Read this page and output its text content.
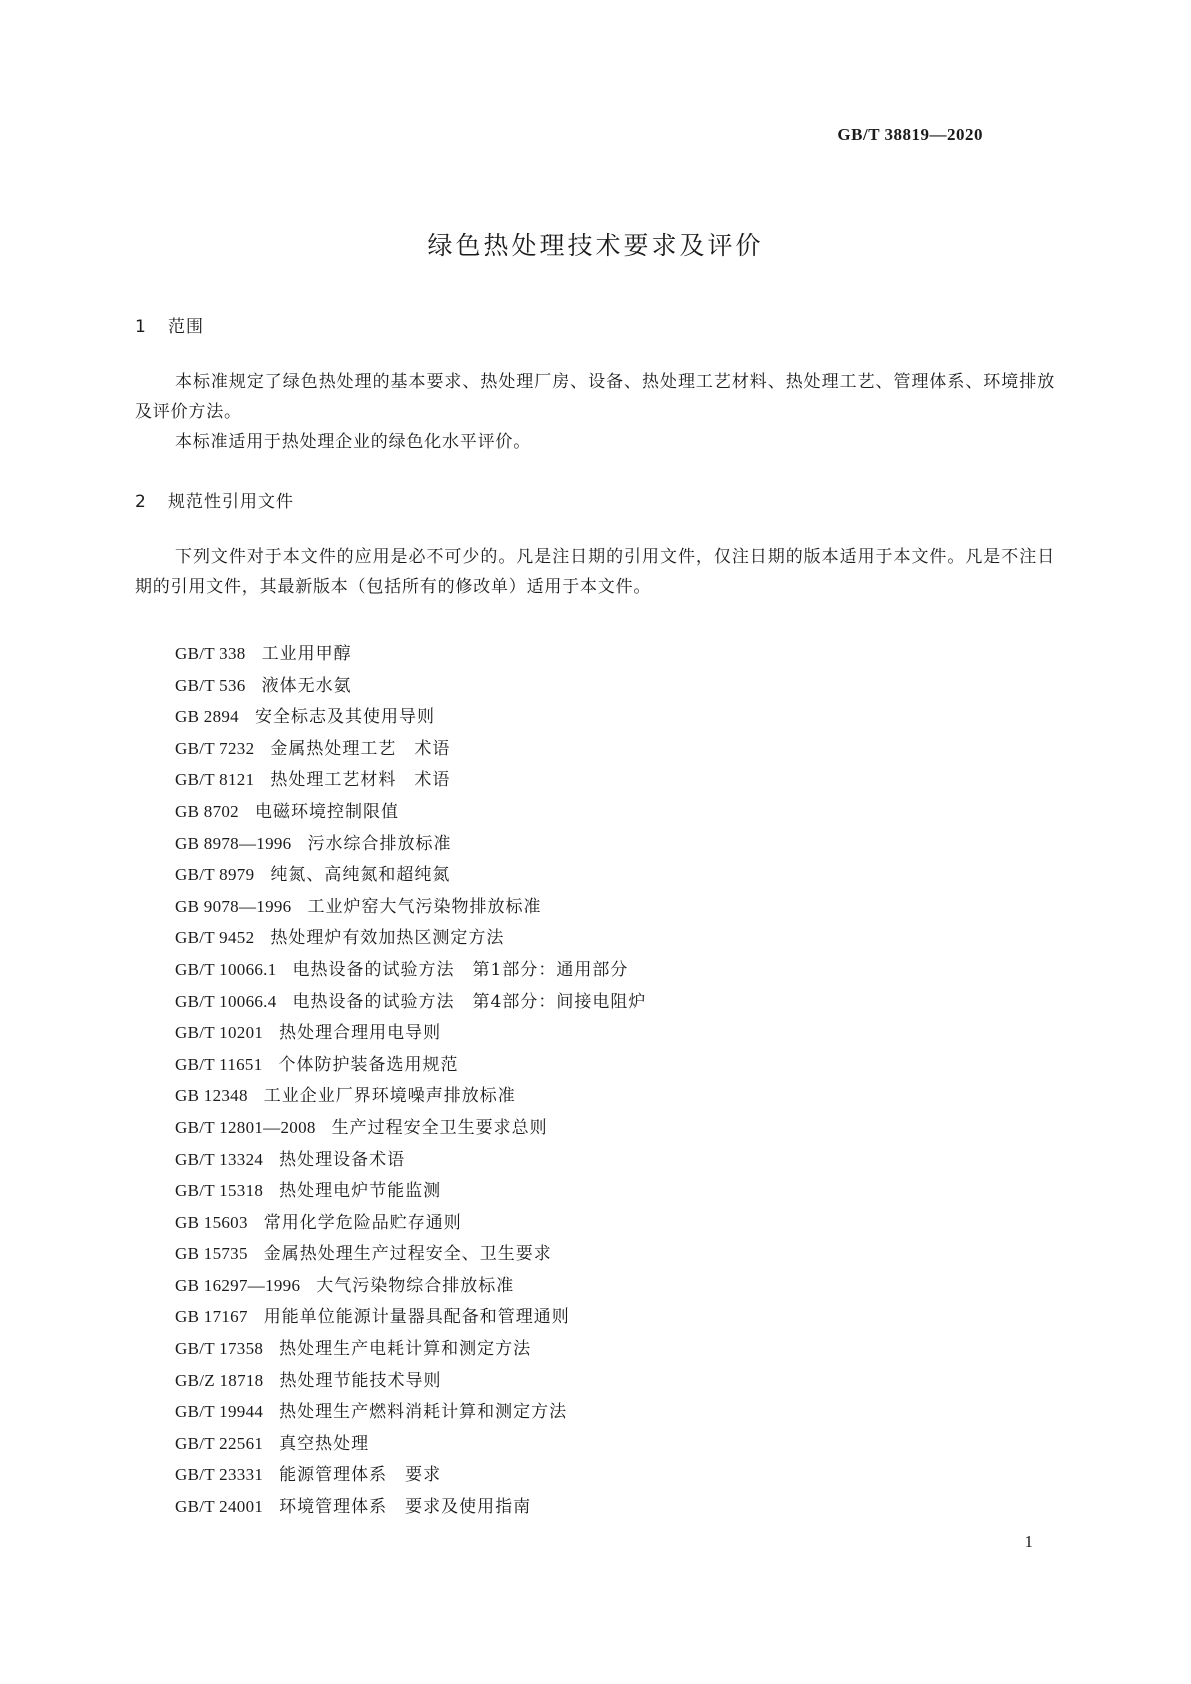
GB/T 38819—2020
绿色热处理技术要求及评价
1 范围

本标准规定了绿色热处理的基本要求、热处理厂房、设备、热处理工艺材料、热处理工艺、管理体系、环境排放及评价方法。

本标准适用于热处理企业的绿色化水平评价。

2 规范性引用文件

下列文件对于本文件的应用是必不可少的。凡是注日期的引用文件，仅注日期的版本适用于本文件。凡是不注日期的引用文件，其最新版本（包括所有的修改单）适用于本文件。

GB/T 338 工业用甲醇
GB/T 536 液体无水氨
GB 2894 安全标志及其使用导则
GB/T 7232 金属热处理工艺　术语
GB/T 8121 热处理工艺材料　术语
GB 8702 电磁环境控制限值
GB 8978—1996 污水综合排放标准
GB/T 8979 纯氮、高纯氮和超纯氮
GB 9078—1996 工业炉窑大气污染物排放标准
GB/T 9452 热处理炉有效加热区测定方法
GB/T 10066.1 电热设备的试验方法　第1部分：通用部分
GB/T 10066.4 电热设备的试验方法　第4部分：间接电阻炉
GB/T 10201 热处理合理用电导则
GB/T 11651 个体防护装备选用规范
GB 12348 工业企业厂界环境噪声排放标准
GB/T 12801—2008 生产过程安全卫生要求总则
GB/T 13324 热处理设备术语
GB/T 15318 热处理电炉节能监测
GB 15603 常用化学危险品贮存通则
GB 15735 金属热处理生产过程安全、卫生要求
GB 16297—1996 大气污染物综合排放标准
GB 17167 用能单位能源计量器具配备和管理通则
GB/T 17358 热处理生产电耗计算和测定方法
GB/Z 18718 热处理节能技术导则
GB/T 19944 热处理生产燃料消耗计算和测定方法
GB/T 22561 真空热处理
GB/T 23331 能源管理体系　要求
GB/T 24001 环境管理体系　要求及使用指南
1
